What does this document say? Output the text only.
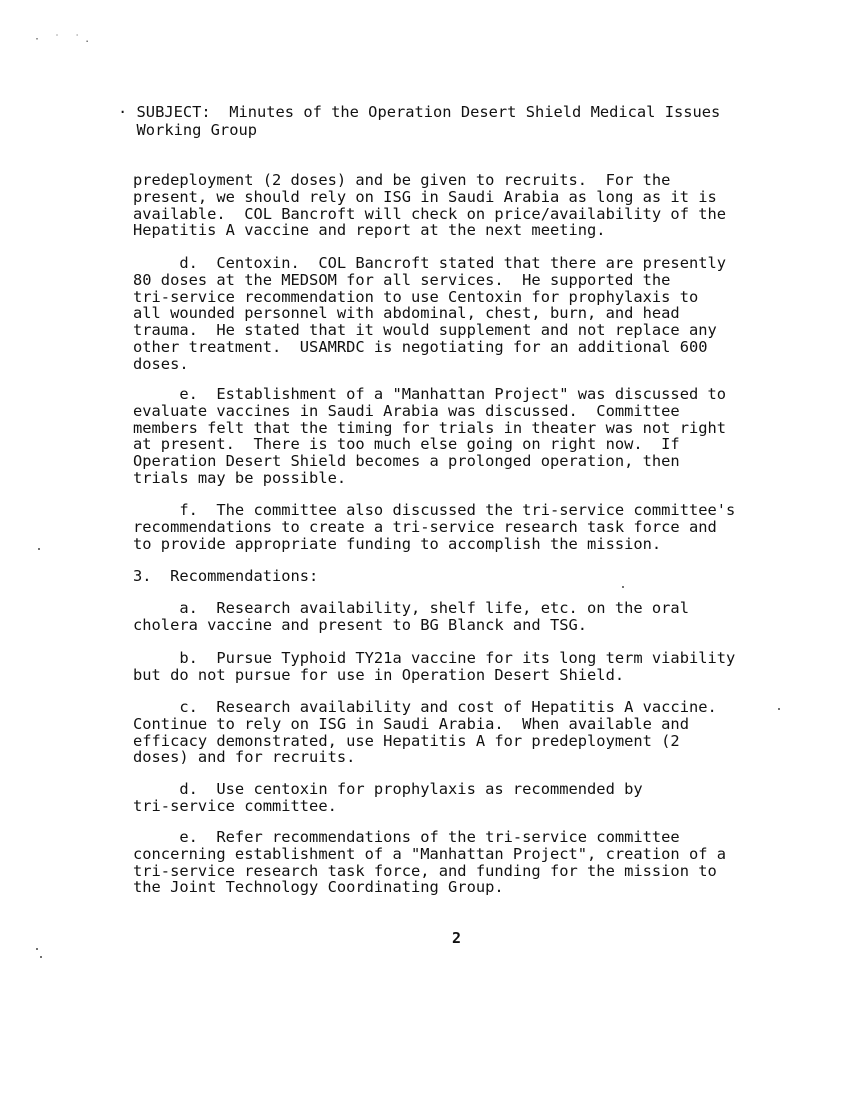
· ˙ ˙.
· SUBJECT:  Minutes of the Operation Desert Shield Medical Issues
Working Group
predeployment (2 doses) and be given to recruits.  For the
present, we should rely on ISG in Saudi Arabia as long as it is
available.  COL Bancroft will check on price/availability of the
Hepatitis A vaccine and report at the next meeting.
d.  Centoxin.  COL Bancroft stated that there are presently
80 doses at the MEDSOM for all services.  He supported the
tri-service recommendation to use Centoxin for prophylaxis to
all wounded personnel with abdominal, chest, burn, and head
trauma.  He stated that it would supplement and not replace any
other treatment.  USAMRDC is negotiating for an additional 600
doses.
e.  Establishment of a "Manhattan Project" was discussed to
evaluate vaccines in Saudi Arabia was discussed.  Committee
members felt that the timing for trials in theater was not right
at present.  There is too much else going on right now.  If
Operation Desert Shield becomes a prolonged operation, then
trials may be possible.
f.  The committee also discussed the tri-service committee's
recommendations to create a tri-service research task force and
to provide appropriate funding to accomplish the mission.
3.  Recommendations:
a.  Research availability, shelf life, etc. on the oral
cholera vaccine and present to BG Blanck and TSG.
b.  Pursue Typhoid TY21a vaccine for its long term viability
but do not pursue for use in Operation Desert Shield.
c.  Research availability and cost of Hepatitis A vaccine.
Continue to rely on ISG in Saudi Arabia.  When available and
efficacy demonstrated, use Hepatitis A for predeployment (2
doses) and for recruits.
d.  Use centoxin for prophylaxis as recommended by
tri-service committee.
e.  Refer recommendations of the tri-service committee
concerning establishment of a "Manhattan Project", creation of a
tri-service research task force, and funding for the mission to
the Joint Technology Coordinating Group.
2
